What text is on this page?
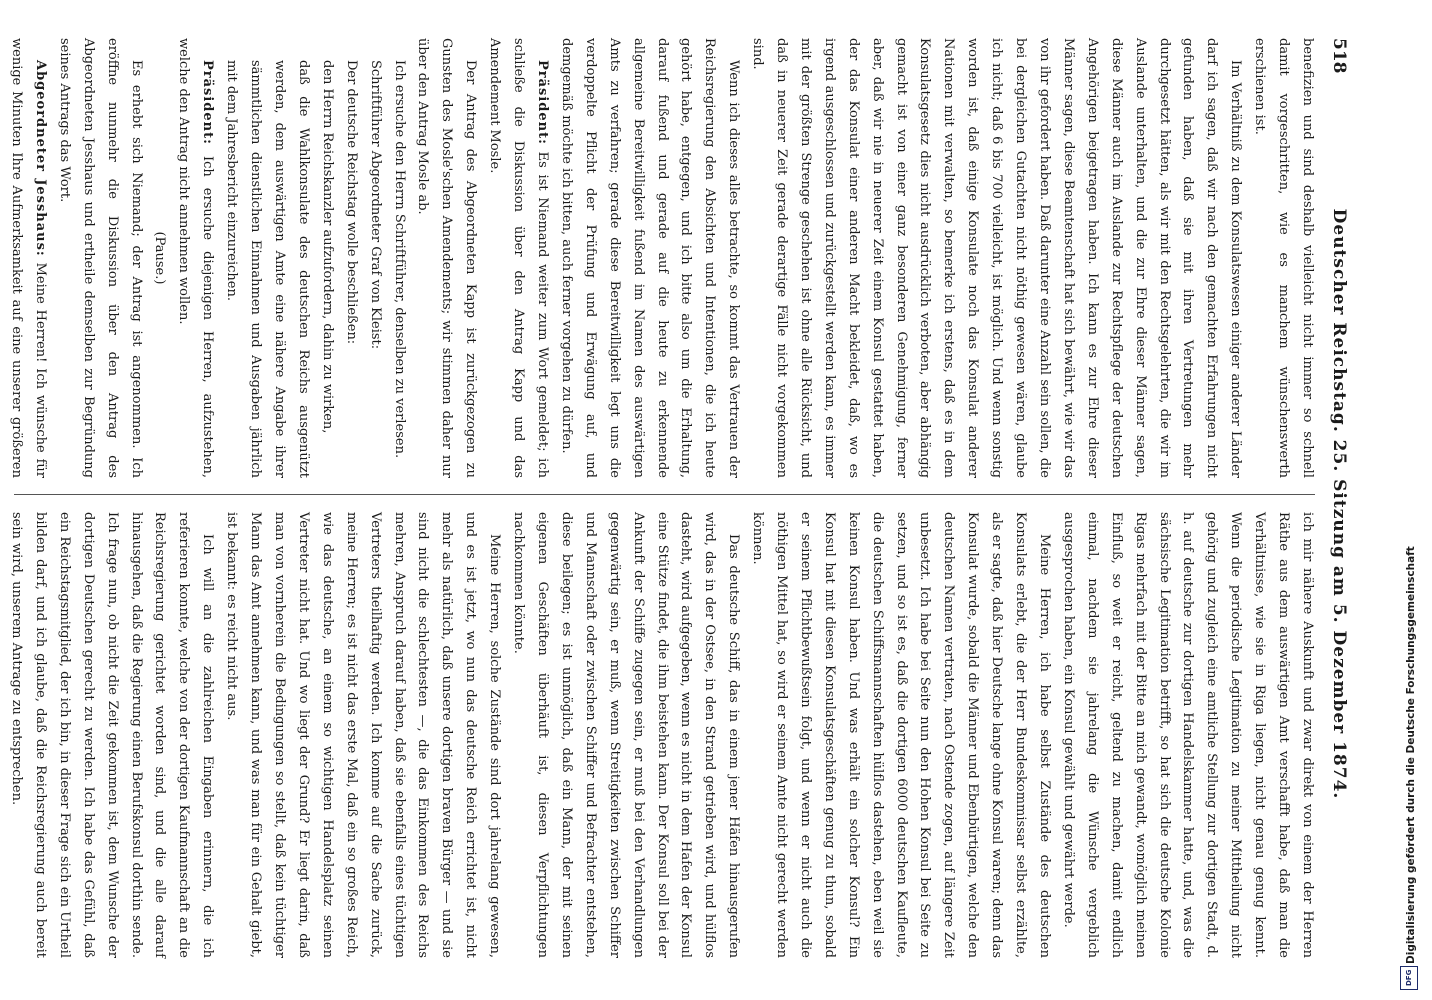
518
Deutscher Reichstag. 25. Sitzung am 5. Dezember 1874.

benefizien und sind deshalb vielleicht nicht immer so schnell damit vorgeschritten, wie es manchem wünschenswerth erschienen ist.

Im Verhältniß zu dem Konsulatswesen einiger anderer Länder darf ich sagen, daß wir nach den gemachten Erfahrungen nicht gefunden haben, daß sie mit ihren Vertretungen mehr durchgesetzt hätten, als wir mit den Rechtsgelehrten, die wir im Auslande unterhalten, und die zur Ehre dieser Männer sagen, diese Männer auch im Auslande zur Rechtspflege der deutschen Angehörigen beigetragen haben. Ich kann es zur Ehre dieser Männer sagen, diese Beamtenschaft hat sich bewährt, wie wir das von ihr gefordert haben. Daß darunter eine Anzahl sein sollen, die bei dergleichen Gutachten nicht nöthig gewesen wären, glaube ich nicht; daß 6 bis 700 vielleicht, ist möglich. Und wenn sonstig worden ist, daß einige Konsulate noch das Konsulat anderer Nationen mit verwalten, so bemerke ich erstens, daß es in dem Konsulatsgesetz dies nicht ausdrücklich verboten, aber abhängig gemacht ist von einer ganz besonderen Genehmigung, ferner aber, daß wir nie in neuerer Zeit einem Konsul gestattet haben, der das Konsulat einer anderen Macht bekleidet, daß, wo es irgend ausgeschlossen und zurückgestellt werden kann, es immer mit der größten Strenge geschehen ist ohne alle Rücksicht, und daß in neuerer Zeit gerade derartige Fälle nicht vorgekommen sind.

Wenn ich dieses alles betrachte, so kommt das Vertrauen der Reichsregierung den Absichten und Intentionen, die ich heute gehört habe, entgegen, und ich bitte also um die Erhaltung, darauf fußend und gerade auf die heute zu erkennende allgemeine Bereitwilligkeit fußend im Namen des auswärtigen Amts zu verfahren; gerade diese Bereitwilligkeit legt uns die verdoppelte Pflicht der Prüfung und Erwägung auf, und demgemäß möchte ich bitten, auch ferner vorgehen zu dürfen.

Präsident: Es ist Niemand weiter zum Wort gemeldet; ich schließe die Diskussion über den Antrag Kapp und das Amendement Mosle.

Der Antrag des Abgeordneten Kapp ist zurückgezogen zu Gunsten des Mosle'schen Amendements; wir stimmen daher nur über den Antrag Mosle ab.

Ich ersuche den Herrn Schriftführer, denselben zu verlesen.

Schriftführer Abgeordneter Graf von Kleist:

Der deutsche Reichstag wolle beschließen:

den Herrn Reichskanzler aufzufordern, dahin zu wirken,

daß die Wahlkonsulate des deutschen Reichs ausgenützt werden, dem auswärtigen Amte eine nähere Angabe ihrer sämmtlichen dienstlichen Einnahmen und Ausgaben jährlich mit dem Jahresbericht einzureichen.

Präsident: Ich ersuche diejenigen Herren, aufzustehen, welche den Antrag nicht annehmen wollen.

(Pause.)

Es erhebt sich Niemand; der Antrag ist angenommen. Ich eröffne nunmehr die Diskussion über den Antrag des Abgeordneten Jesshaus und ertheile demselben zur Begründung seines Antrags das Wort.

Abgeordneter Jesshaus: Meine Herren! Ich wünsche für wenige Minuten Ihre Aufmerksamkeit auf eine unserer größeren

ich mir nähere Auskunft und zwar direkt von einem der Herren Räthe aus dem auswärtigen Amt verschafft habe, daß man die Verhältnisse, wie sie in Riga liegen, nicht genau genug kennt. Wenn die periodische Legitimation zu meiner Mittheilung nicht gehörig und zugleich eine amtliche Stellung zur dortigen Stadt, d. h. auf deutsche zur dortigen Handelskammer hatte, und, was die sächsische Legitimation betrifft, so hat sich die deutsche Kolonie Rigas mehrfach mit der Bitte an mich gewandt, womöglich meinen Einfluß, so weit er reicht, geltend zu machen, damit endlich einmal, nachdem sie jahrelang die Wünsche vergeblich ausgesprochen haben, ein Konsul gewählt und gewährt werde.

Meine Herren, ich habe selbst Zustände des deutschen Konsulats erlebt, die der Herr Bundeskommissar selbst erzählte, als er sagte, daß hier Deutsche lange ohne Konsul waren; denn das Konsulat wurde, sobald die Männer und Ebenbürtigen, welche den deutschen Namen vertraten, nach Ostende zogen, auf längere Zeit unbesetzt. Ich habe bei Seite nun den Hohen Konsul bei Seite zu setzen, und so ist es, daß die dortigen 6000 deutschen Kaufleute, die deutschen Schiffsmannschaften hülflos dastehen, eben weil sie keinen Konsul haben. Und was erhält ein solcher Konsul? Ein Konsul hat mit diesen Konsulatsgeschäften genug zu thun, sobald er seinem Pflichtbewußtsein folgt, und wenn er nicht auch die nöthigen Mittel hat, so wird er seinem Amte nicht gerecht werden können.

Das deutsche Schiff, das in einem jener Häfen hinausgerufen wird, das in der Ostsee, in den Strand getrieben wird, und hülflos dasteht, wird aufgegeben, wenn es nicht in dem Hafen der Konsul eine Stütze findet, die ihm beistehen kann. Der Konsul soll bei der Ankunft der Schiffe zugegen sein, er muß bei den Verhandlungen gegenwärtig sein, er muß, wenn Streitigkeiten zwischen Schiffer und Mannschaft oder zwischen Schiffer und Befrachter entstehen, diese beilegen; es ist unmöglich, daß ein Mann, der mit seinen eigenen Geschäften überhäuft ist, diesen Verpflichtungen nachkommen könnte.

Meine Herren, solche Zustände sind dort jahrelang gewesen, und es ist jetzt, wo nun das deutsche Reich errichtet ist, nicht mehr als natürlich, daß unsere dortigen braven Bürger — und sie sind nicht die schlechtesten —, die das Einkommen des Reichs mehren, Anspruch darauf haben, daß sie ebenfalls eines tüchtigen Vertreters theilhaftig werden. Ich komme auf die Sache zurück, meine Herren; es ist nicht das erste Mal, daß ein so großes Reich, wie das deutsche, an einem so wichtigen Handelsplatz seinen Vertreter nicht hat. Und wo liegt der Grund? Er liegt darin, daß man von vornherein die Bedingungen so stellt, daß kein tüchtiger Mann das Amt annehmen kann, und was man für ein Gehalt giebt, ist bekannt: es reicht nicht aus.

Ich will an die zahlreichen Eingaben erinnern, die ich referieren konnte, welche von der dortigen Kaufmannschaft an die Reichsregierung gerichtet worden sind, und die alle darauf hinausgehen, daß die Regierung einen Berufskonsul dorthin sende. Ich frage nun, ob nicht die Zeit gekommen ist, dem Wunsche der dortigen Deutschen gerecht zu werden. Ich habe das Gefühl, daß ein Reichstagsmitglied, der ich bin, in dieser Frage sich ein Urtheil bilden darf, und ich glaube, daß die Reichsregierung auch bereit sein wird, unserem Antrage zu entsprechen.	Digitalisierung gefördert durch die Deutsche Forschungsgemeinschaft
DFG
